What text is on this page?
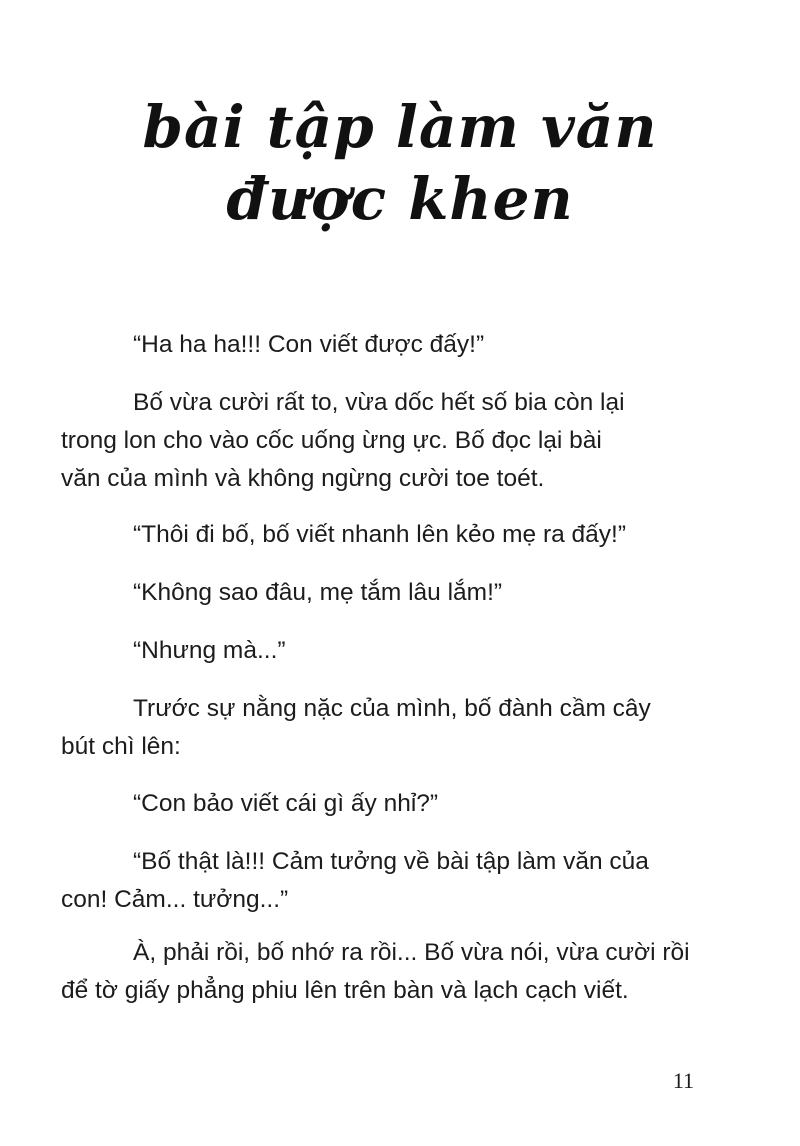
bài tập làm văn
được khen

“Ha ha ha!!! Con viết được đấy!”

Bố vừa cười rất to, vừa dốc hết số bia còn lại
trong lon cho vào cốc uống ừng ực. Bố đọc lại bài
văn của mình và không ngừng cười toe toét.

“Thôi đi bố, bố viết nhanh lên kẻo mẹ ra đấy!”

“Không sao đâu, mẹ tắm lâu lắm!”

“Nhưng mà...”

Trước sự nằng nặc của mình, bố đành cầm cây
bút chì lên:

“Con bảo viết cái gì ấy nhỉ?”

“Bố thật là!!! Cảm tưởng về bài tập làm văn của
con! Cảm... tưởng...”

À, phải rồi, bố nhớ ra rồi... Bố vừa nói, vừa cười rồi
để tờ giấy phẳng phiu lên trên bàn và lạch cạch viết.

11
